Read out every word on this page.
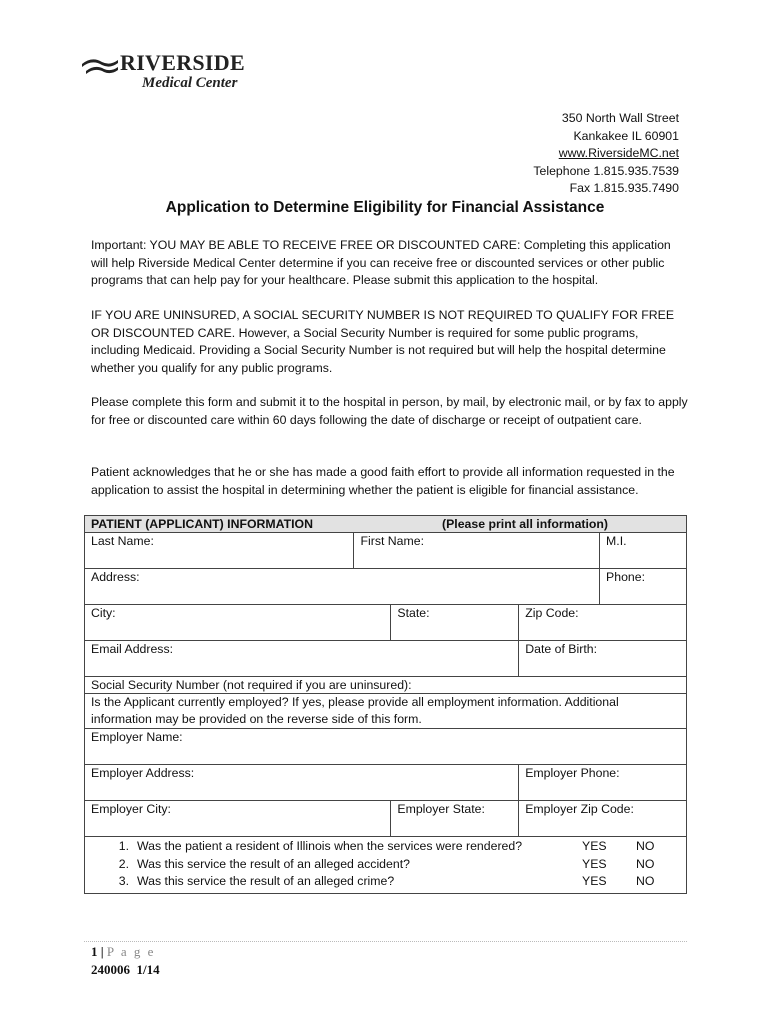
RIVERSIDE
Medical Center
350 North Wall Street
Kankakee IL 60901
www.RiversideMC.net
Telephone 1.815.935.7539
Fax 1.815.935.7490
Application to Determine Eligibility for Financial Assistance

Important: YOU MAY BE ABLE TO RECEIVE FREE OR DISCOUNTED CARE: Completing this application will help Riverside Medical Center determine if you can receive free or discounted services or other public programs that can help pay for your healthcare. Please submit this application to the hospital.

IF YOU ARE UNINSURED, A SOCIAL SECURITY NUMBER IS NOT REQUIRED TO QUALIFY FOR FREE OR DISCOUNTED CARE. However, a Social Security Number is required for some public programs, including Medicaid. Providing a Social Security Number is not required but will help the hospital determine whether you qualify for any public programs.

Please complete this form and submit it to the hospital in person, by mail, by electronic mail, or by fax to apply for free or discounted care within 60 days following the date of discharge or receipt of outpatient care.

Patient acknowledges that he or she has made a good faith effort to provide all information requested in the application to assist the hospital in determining whether the patient is eligible for financial assistance.

PATIENT (APPLICANT) INFORMATION	(Please print all information)

Last Name:	First Name:	M.I.
Address:	Phone:
City:	State:	Zip Code:
Email Address:	Date of Birth:
Social Security Number (not required if you are uninsured):
Is the Applicant currently employed? If yes, please provide all employment information. Additional information may be provided on the reverse side of this form.
Employer Name:
Employer Address:	Employer Phone:
Employer City:	Employer State:	Employer Zip Code:

1.	Was the patient a resident of Illinois when the services were rendered?	YES	NO
2.	Was this service the result of an alleged accident?	YES	NO
3.	Was this service the result of an alleged crime?	YES	NO
1 | P a g e
240006  1/14
